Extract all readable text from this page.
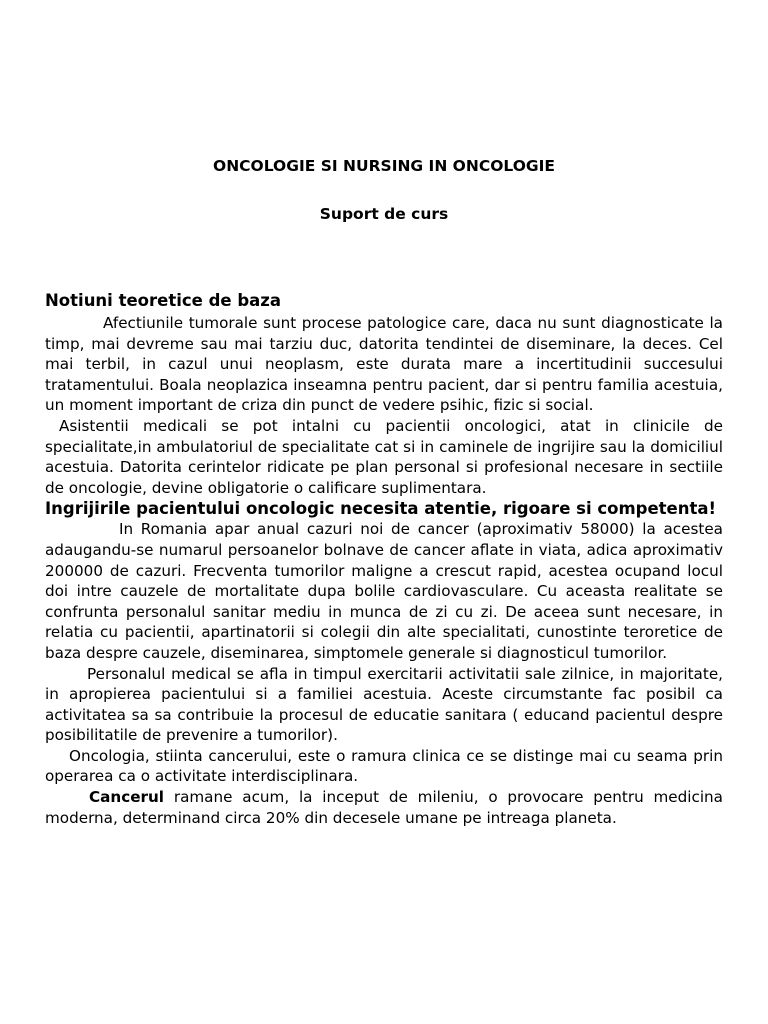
ONCOLOGIE SI NURSING IN ONCOLOGIE
Suport de curs
Notiuni teoretice de baza

Afectiunile tumorale sunt procese patologice care, daca nu sunt diagnosticate la timp, mai devreme sau mai tarziu duc, datorita tendintei de diseminare, la deces. Cel mai terbil, in cazul unui neoplasm, este durata mare a incertitudinii succesului tratamentului. Boala neoplazica inseamna pentru pacient, dar si pentru familia acestuia, un moment important de criza din punct de vedere psihic, fizic si social.

Asistentii medicali se pot intalni cu pacientii oncologici, atat in clinicile de specialitate,in ambulatoriul de specialitate cat si in caminele de ingrijire sau la domiciliul acestuia. Datorita cerintelor ridicate pe plan personal si profesional necesare in sectiile de oncologie, devine obligatorie o calificare suplimentara.

Ingrijirile pacientului oncologic necesita atentie, rigoare si competenta!

In Romania apar anual cazuri noi de cancer (aproximativ 58000) la acestea adaugandu-se numarul persoanelor bolnave de cancer aflate in viata, adica aproximativ 200000 de cazuri. Frecventa tumorilor maligne a crescut rapid, acestea ocupand locul doi intre cauzele de mortalitate dupa bolile cardiovasculare. Cu aceasta realitate se confrunta personalul sanitar mediu in munca de zi cu zi. De aceea sunt necesare, in relatia cu pacientii, apartinatorii si colegii din alte specialitati, cunostinte teroretice de baza despre cauzele, diseminarea, simptomele generale si diagnosticul tumorilor.

Personalul medical se afla in timpul exercitarii activitatii sale zilnice, in majoritate, in apropierea pacientului si a familiei acestuia. Aceste circumstante fac posibil ca activitatea sa sa contribuie la procesul de educatie sanitara ( educand pacientul despre posibilitatile de prevenire a tumorilor).

Oncologia, stiinta cancerului, este o ramura clinica ce se distinge mai cu seama prin operarea ca o activitate interdisciplinara.

Cancerul ramane acum, la inceput de mileniu, o provocare pentru medicina moderna, determinand circa 20% din decesele umane pe intreaga planeta.
